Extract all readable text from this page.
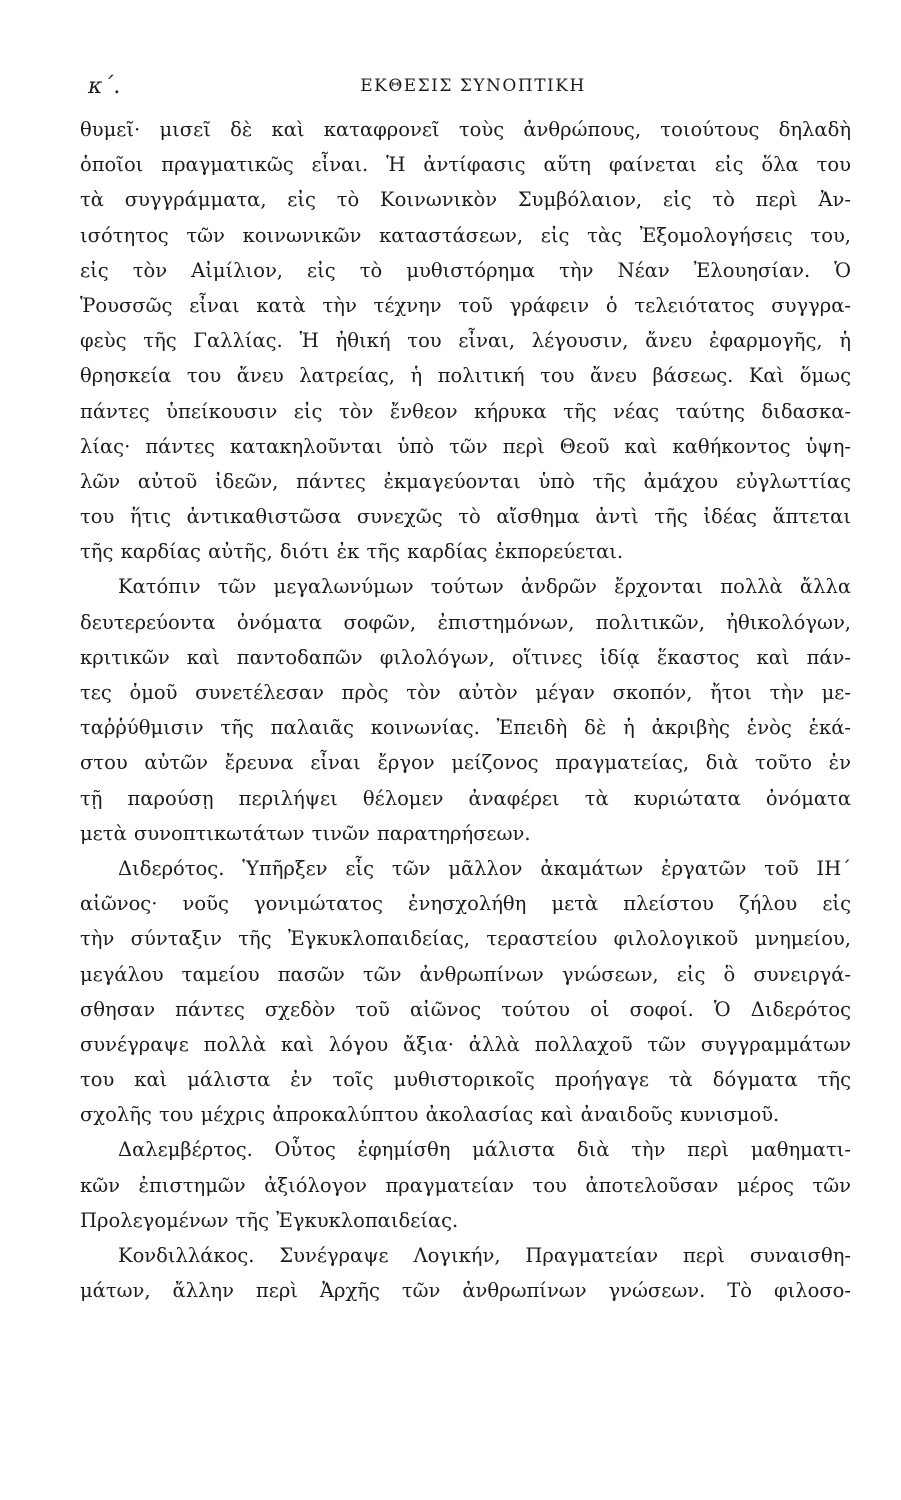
κ΄.	ΕΚΘΕΣΙΣ ΣΥΝΟΠΤΙΚΗ
θυμεῖ· μισεῖ δὲ καὶ καταφρονεῖ τοὺς ἀνθρώπους, τοιούτους δηλαδὴ
ὁποῖοι πραγματικῶς εἶναι. Ἡ ἀντίφασις αὕτη φαίνεται εἰς ὅλα του
τὰ συγγράμματα, εἰς τὸ Κοινωνικὸν Συμβόλαιον, εἰς τὸ περὶ Ἀν-
ισότητος τῶν κοινωνικῶν καταστάσεων, εἰς τὰς Ἐξομολογήσεις του,
εἰς τὸν Αἰμίλιον, εἰς τὸ μυθιστόρημα τὴν Νέαν Ἐλουησίαν. Ὁ
Ῥουσσῶς εἶναι κατὰ τὴν τέχνην τοῦ γράφειν ὁ τελειότατος συγγρα-
φεὺς τῆς Γαλλίας. Ἡ ἠθική του εἶναι, λέγουσιν, ἄνευ ἐφαρμογῆς, ἡ
θρησκεία του ἄνευ λατρείας, ἡ πολιτική του ἄνευ βάσεως. Καὶ ὅμως
πάντες ὑπείκουσιν εἰς τὸν ἔνθεον κήρυκα τῆς νέας ταύτης διδασκα-
λίας· πάντες κατακηλοῦνται ὑπὸ τῶν περὶ Θεοῦ καὶ καθήκοντος ὑψη-
λῶν αὐτοῦ ἰδεῶν, πάντες ἐκμαγεύονται ὑπὸ τῆς ἀμάχου εὐγλωττίας
του ἥτις ἀντικαθιστῶσα συνεχῶς τὸ αἴσθημα ἀντὶ τῆς ἰδέας ἅπτεται
τῆς καρδίας αὐτῆς, διότι ἐκ τῆς καρδίας ἐκπορεύεται.
Κατόπιν τῶν μεγαλωνύμων τούτων ἀνδρῶν ἔρχονται πολλὰ ἄλλα
δευτερεύοντα ὀνόματα σοφῶν, ἐπιστημόνων, πολιτικῶν, ἠθικολόγων,
κριτικῶν καὶ παντοδαπῶν φιλολόγων, οἵτινες ἰδίᾳ ἕκαστος καὶ πάν-
τες ὁμοῦ συνετέλεσαν πρὸς τὸν αὐτὸν μέγαν σκοπόν, ἤτοι τὴν με-
ταῤῥύθμισιν τῆς παλαιᾶς κοινωνίας. Ἐπειδὴ δὲ ἡ ἀκριβὴς ἑνὸς ἑκά-
στου αὐτῶν ἔρευνα εἶναι ἔργον μείζονος πραγματείας, διὰ τοῦτο ἐν
τῇ παρούσῃ περιλήψει θέλομεν ἀναφέρει τὰ κυριώτατα ὀνόματα
μετὰ συνοπτικωτάτων τινῶν παρατηρήσεων.
Διδερότος. Ὑπῆρξεν εἷς τῶν μᾶλλον ἀκαμάτων ἐργατῶν τοῦ ΙΗ΄
αἰῶνος· νοῦς γονιμώτατος ἐνησχολήθη μετὰ πλείστου ζήλου εἰς
τὴν σύνταξιν τῆς Ἐγκυκλοπαιδείας, τεραστείου φιλολογικοῦ μνημείου,
μεγάλου ταμείου πασῶν τῶν ἀνθρωπίνων γνώσεων, εἰς ὃ συνειργά-
σθησαν πάντες σχεδὸν τοῦ αἰῶνος τούτου οἱ σοφοί. Ὁ Διδερότος
συνέγραψε πολλὰ καὶ λόγου ἄξια· ἀλλὰ πολλαχοῦ τῶν συγγραμμάτων
του καὶ μάλιστα ἐν τοῖς μυθιστορικοῖς προήγαγε τὰ δόγματα τῆς
σχολῆς του μέχρις ἀπροκαλύπτου ἀκολασίας καὶ ἀναιδοῦς κυνισμοῦ.
Δαλεμβέρτος. Οὗτος ἐφημίσθη μάλιστα διὰ τὴν περὶ μαθηματι-
κῶν ἐπιστημῶν ἀξιόλογον πραγματείαν του ἀποτελοῦσαν μέρος τῶν
Προλεγομένων τῆς Ἐγκυκλοπαιδείας.
Κονδιλλάκος. Συνέγραψε Λογικήν, Πραγματείαν περὶ συναισθη-
μάτων, ἄλλην περὶ Ἀρχῆς τῶν ἀνθρωπίνων γνώσεων. Τὸ φιλοσο-
